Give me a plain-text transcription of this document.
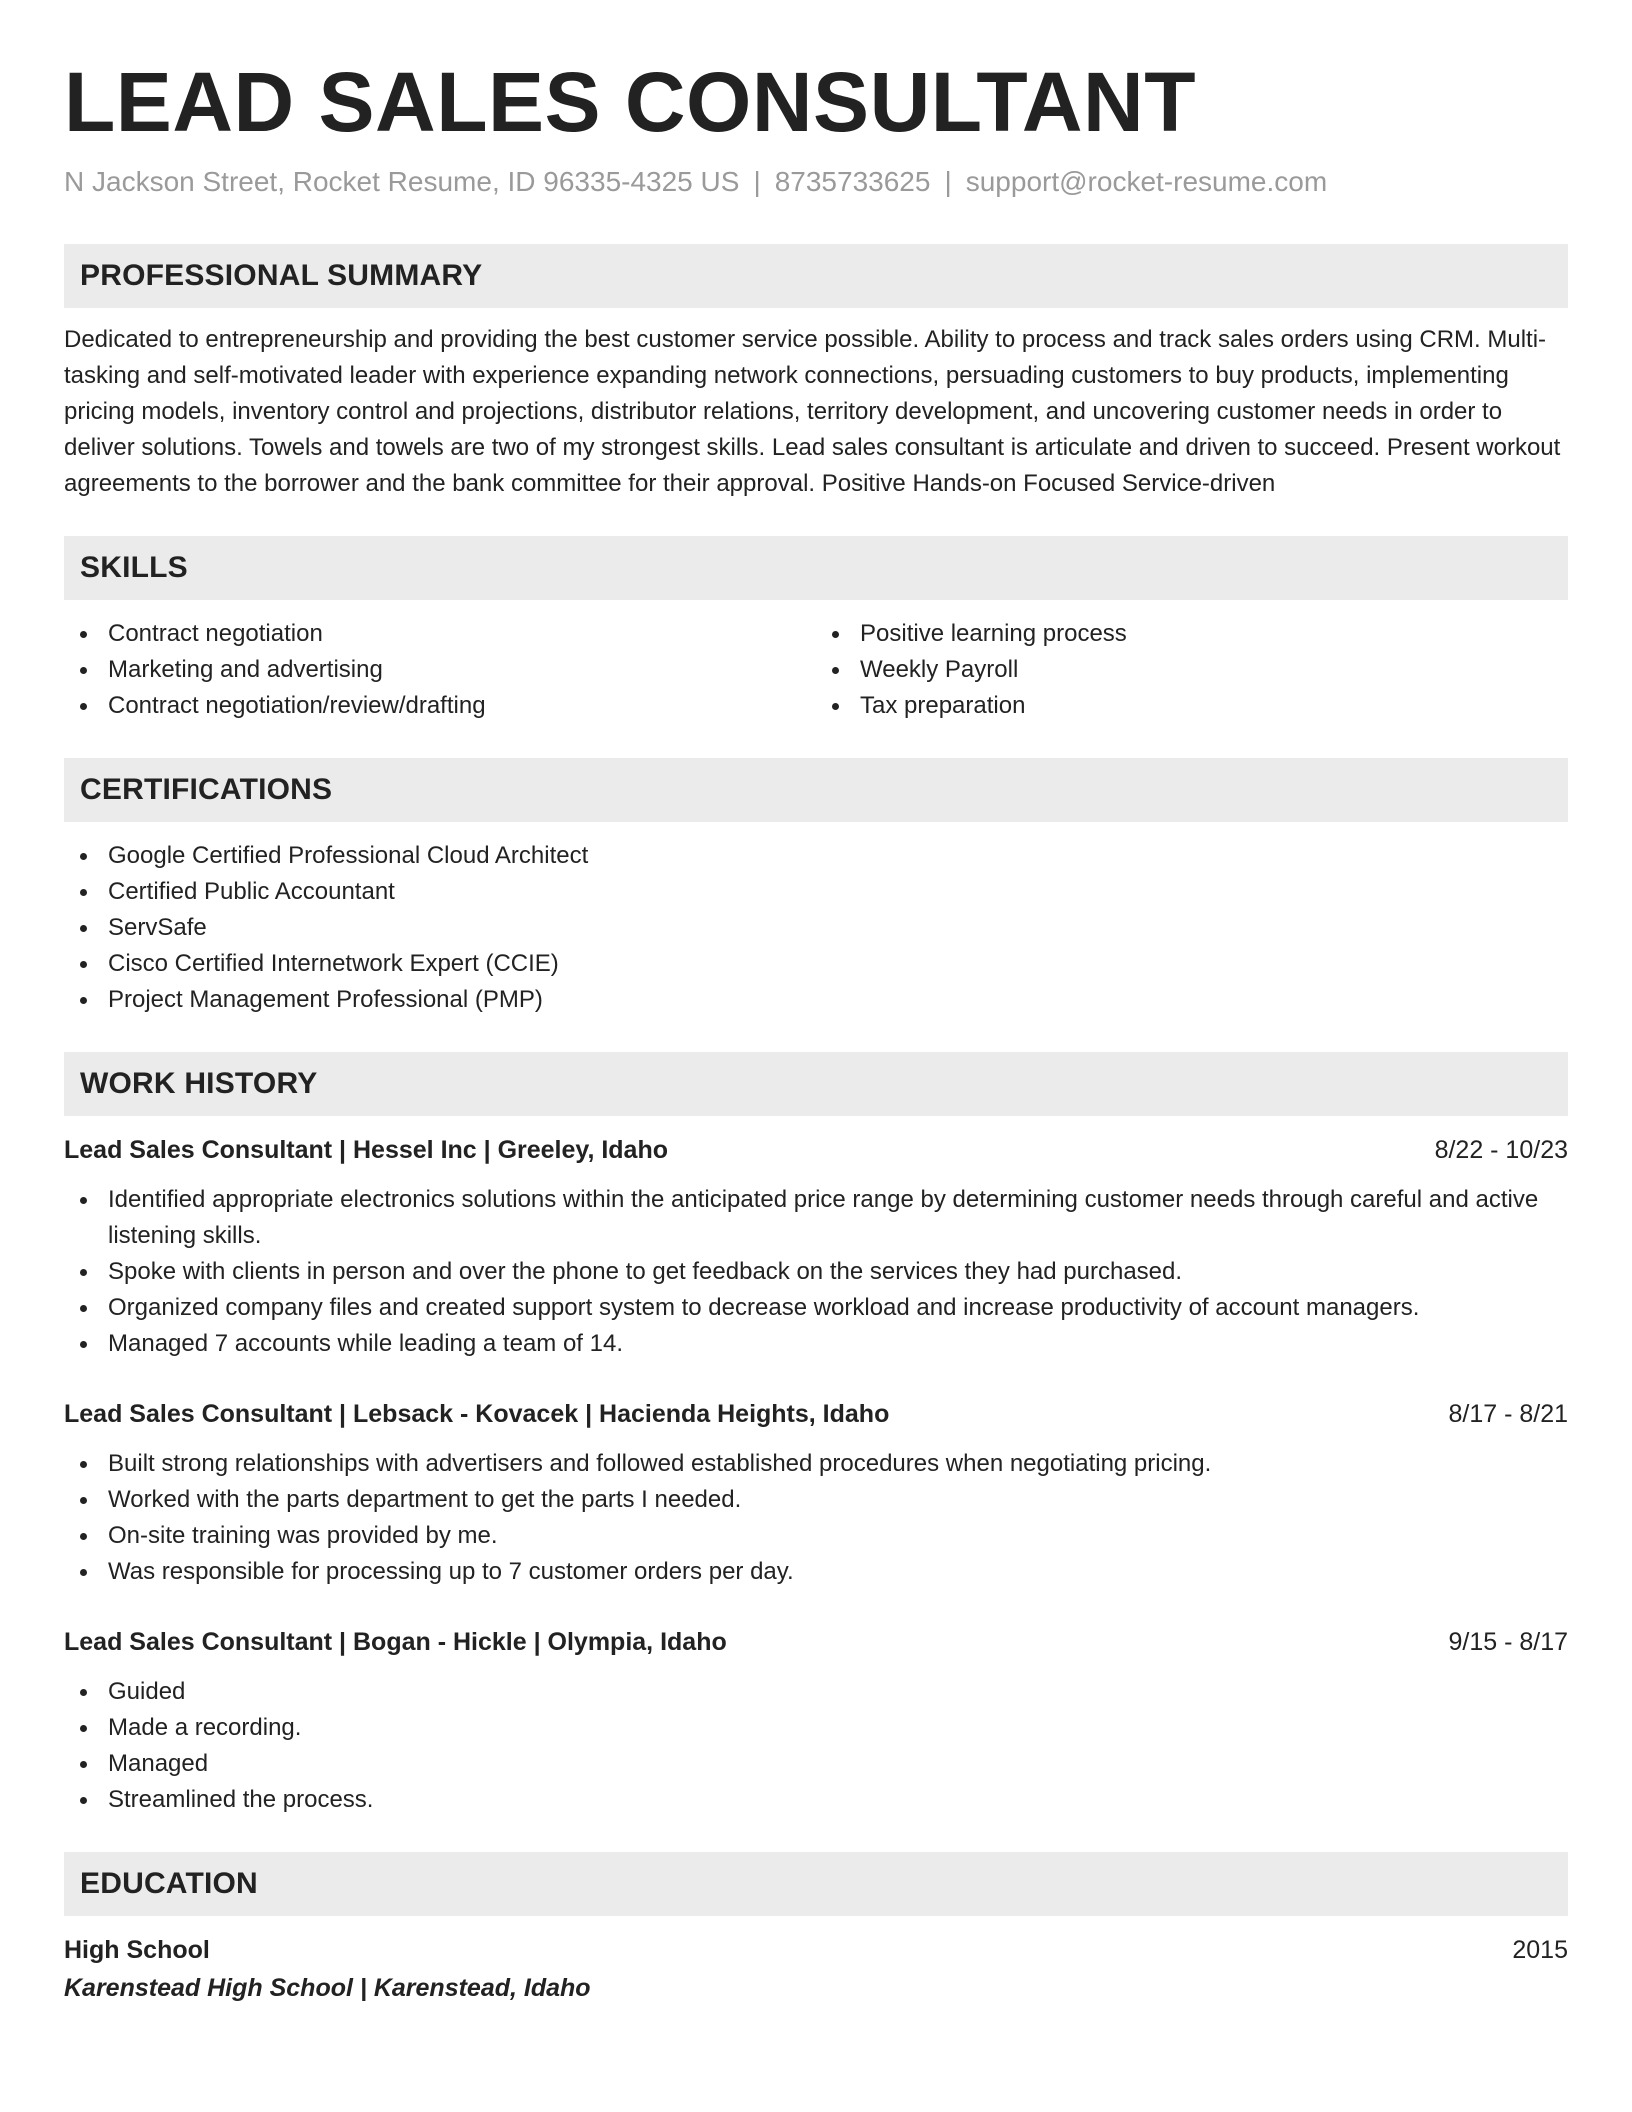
LEAD SALES CONSULTANT
N Jackson Street, Rocket Resume, ID 96335-4325 US | 8735733625 | support@rocket-resume.com
PROFESSIONAL SUMMARY
Dedicated to entrepreneurship and providing the best customer service possible. Ability to process and track sales orders using CRM. Multi-tasking and self-motivated leader with experience expanding network connections, persuading customers to buy products, implementing pricing models, inventory control and projections, distributor relations, territory development, and uncovering customer needs in order to deliver solutions. Towels and towels are two of my strongest skills. Lead sales consultant is articulate and driven to succeed. Present workout agreements to the borrower and the bank committee for their approval. Positive Hands-on Focused Service-driven
SKILLS
Contract negotiation
Marketing and advertising
Contract negotiation/review/drafting
Positive learning process
Weekly Payroll
Tax preparation
CERTIFICATIONS
Google Certified Professional Cloud Architect
Certified Public Accountant
ServSafe
Cisco Certified Internetwork Expert (CCIE)
Project Management Professional (PMP)
WORK HISTORY
Lead Sales Consultant | Hessel Inc | Greeley, Idaho	8/22 - 10/23
Identified appropriate electronics solutions within the anticipated price range by determining customer needs through careful and active listening skills.
Spoke with clients in person and over the phone to get feedback on the services they had purchased.
Organized company files and created support system to decrease workload and increase productivity of account managers.
Managed 7 accounts while leading a team of 14.
Lead Sales Consultant | Lebsack - Kovacek | Hacienda Heights, Idaho	8/17 - 8/21
Built strong relationships with advertisers and followed established procedures when negotiating pricing.
Worked with the parts department to get the parts I needed.
On-site training was provided by me.
Was responsible for processing up to 7 customer orders per day.
Lead Sales Consultant | Bogan - Hickle | Olympia, Idaho	9/15 - 8/17
Guided
Made a recording.
Managed
Streamlined the process.
EDUCATION
High School	2015
Karenstead High School | Karenstead, Idaho
